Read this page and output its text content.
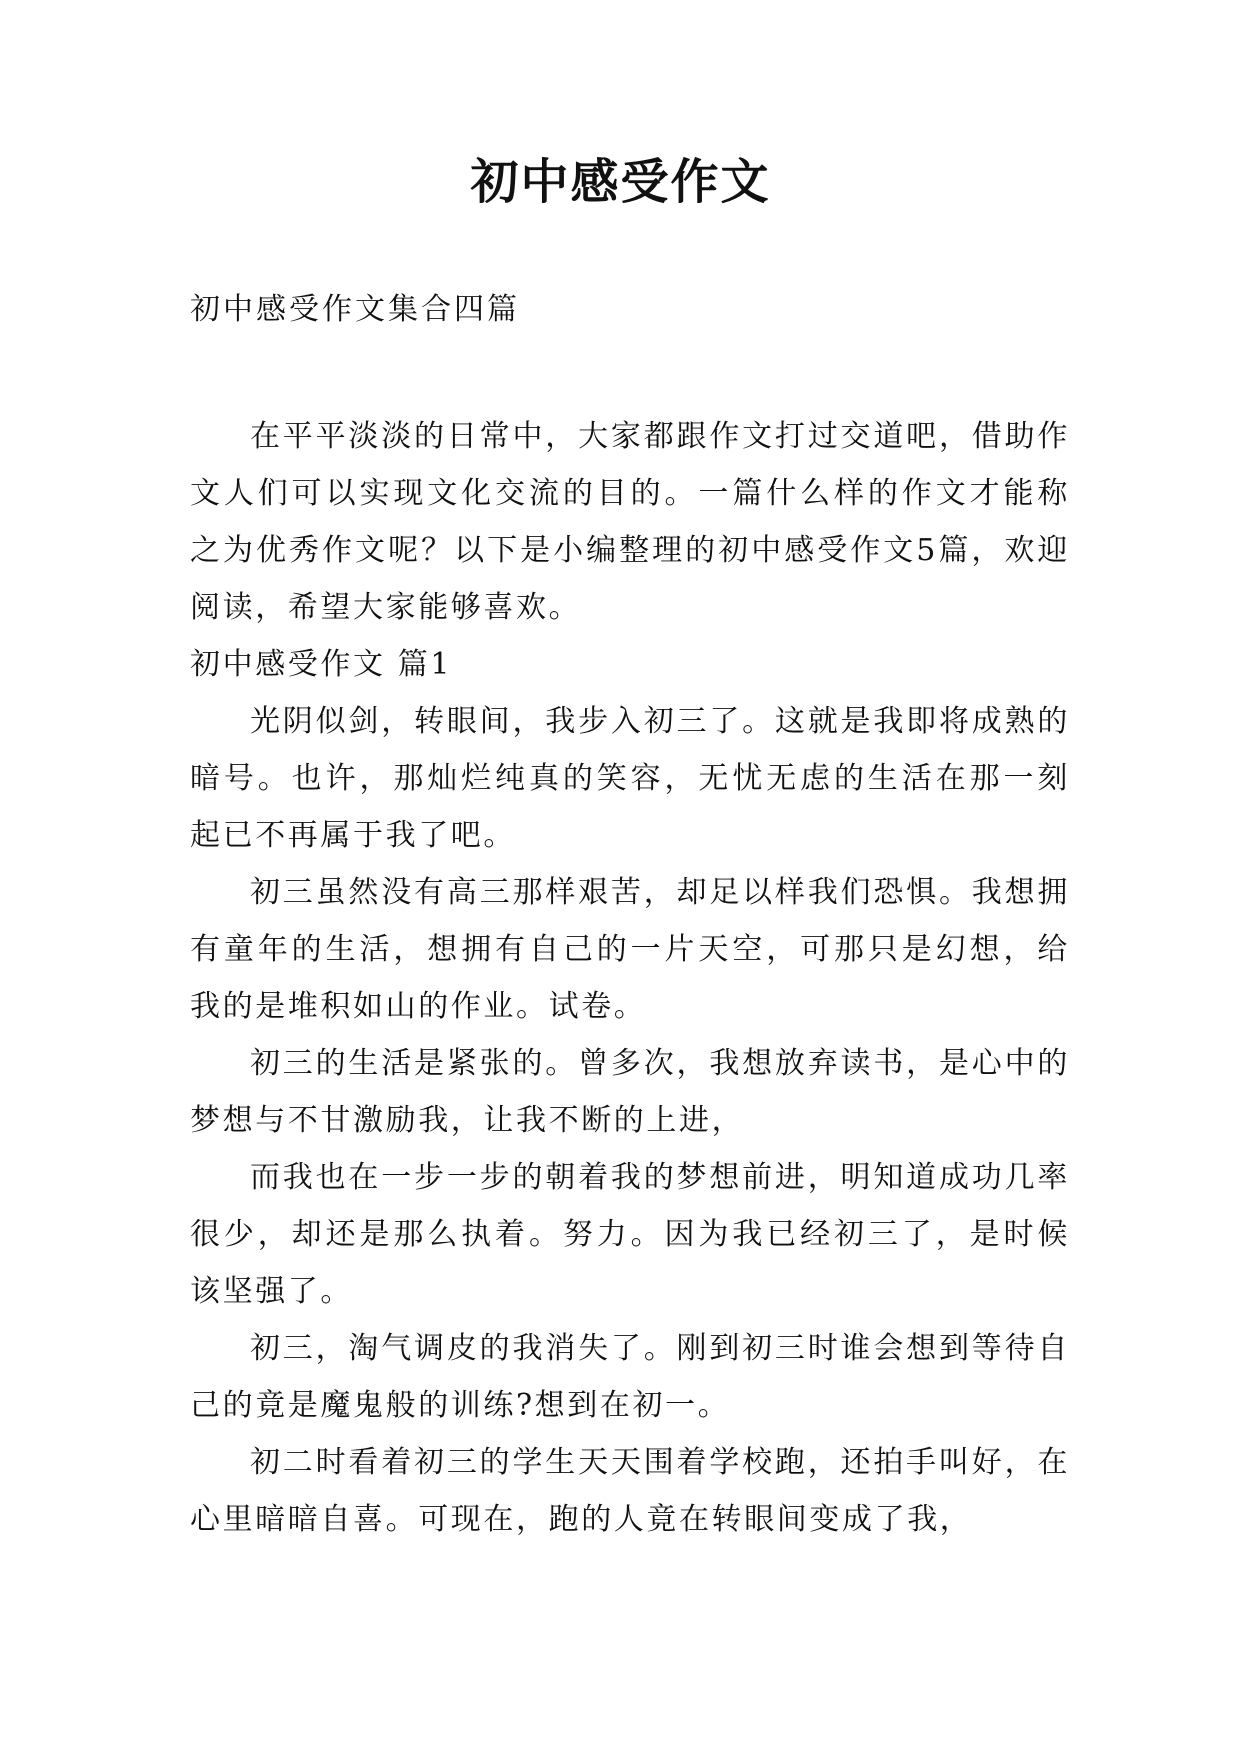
初中感受作文
初中感受作文集合四篇

在平平淡淡的日常中，大家都跟作文打过交道吧，借助作文人们可以实现文化交流的目的。一篇什么样的作文才能称之为优秀作文呢？以下是小编整理的初中感受作文5篇，欢迎阅读，希望大家能够喜欢。

初中感受作文 篇1

光阴似剑，转眼间，我步入初三了。这就是我即将成熟的暗号。也许，那灿烂纯真的笑容，无忧无虑的生活在那一刻起已不再属于我了吧。

初三虽然没有高三那样艰苦，却足以样我们恐惧。我想拥有童年的生活，想拥有自己的一片天空，可那只是幻想，给我的是堆积如山的作业。试卷。

初三的生活是紧张的。曾多次，我想放弃读书，是心中的梦想与不甘激励我，让我不断的上进，

而我也在一步一步的朝着我的梦想前进，明知道成功几率很少，却还是那么执着。努力。因为我已经初三了，是时候该坚强了。

初三，淘气调皮的我消失了。刚到初三时谁会想到等待自己的竟是魔鬼般的训练?想到在初一。

初二时看着初三的学生天天围着学校跑，还拍手叫好，在心里暗暗自喜。可现在，跑的人竟在转眼间变成了我，
